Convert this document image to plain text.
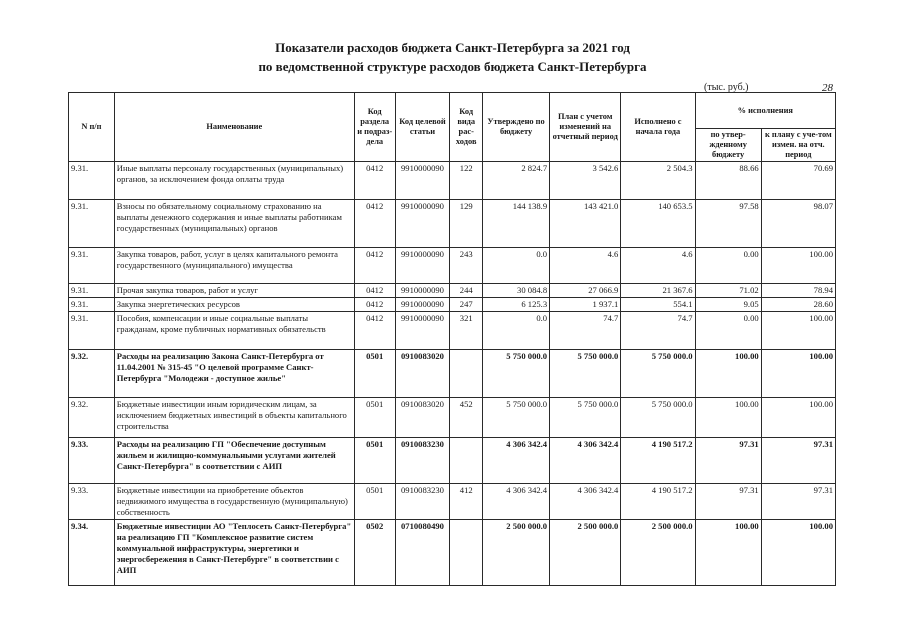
Показатели расходов бюджета Санкт-Петербурга за 2021 год
по ведомственной структуре расходов бюджета Санкт-Петербурга
(тыс. руб.)	28
N п/п	Наименование	Код раздела и подраз-дела	Код целевой статьи	Код вида рас-ходов	Утверждено по бюджету	План с учетом изменений на отчетный период	Исполнено с начала года	% исполнения	
								по утвер-жденному бюджету	к плану с уче-том измен. на отч. период
9.31.	Иные выплаты персоналу государственных (муниципальных) органов, за исключением фонда оплаты труда	0412	9910000090	122	2 824.7	3 542.6	2 504.3	88.66	70.69
9.31.	Взносы по обязательному социальному страхованию на выплаты денежного содержания и иные выплаты работникам государственных (муниципальных) органов	0412	9910000090	129	144 138.9	143 421.0	140 653.5	97.58	98.07
9.31.	Закупка товаров, работ, услуг в целях капитального ремонта государственного (муниципального) имущества	0412	9910000090	243	0.0	4.6	4.6	0.00	100.00
9.31.	Прочая закупка товаров, работ и услуг	0412	9910000090	244	30 084.8	27 066.9	21 367.6	71.02	78.94
9.31.	Закупка энергетических ресурсов	0412	9910000090	247	6 125.3	1 937.1	554.1	9.05	28.60
9.31.	Пособия, компенсации и иные социальные выплаты гражданам, кроме публичных нормативных обязательств	0412	9910000090	321	0.0	74.7	74.7	0.00	100.00
9.32.	Расходы на реализацию Закона Санкт-Петербурга от 11.04.2001 № 315-45 "О целевой программе Санкт-Петербурга "Молодежи - доступное жилье"	0501	0910083020		5 750 000.0	5 750 000.0	5 750 000.0	100.00	100.00
9.32.	Бюджетные инвестиции иным юридическим лицам, за исключением бюджетных инвестиций в объекты капитального строительства	0501	0910083020	452	5 750 000.0	5 750 000.0	5 750 000.0	100.00	100.00
9.33.	Расходы на реализацию ГП "Обеспечение доступным жильем и жилищно-коммунальными услугами жителей Санкт-Петербурга" в соответствии с АИП	0501	0910083230		4 306 342.4	4 306 342.4	4 190 517.2	97.31	97.31
9.33.	Бюджетные инвестиции на приобретение объектов недвижимого имущества в государственную (муниципальную) собственность	0501	0910083230	412	4 306 342.4	4 306 342.4	4 190 517.2	97.31	97.31
9.34.	Бюджетные инвестиции АО "Теплосеть Санкт-Петербурга" на реализацию ГП "Комплексное развитие систем коммунальной инфраструктуры, энергетики и энергосбережения в Санкт-Петербурге" в соответствии с АИП	0502	0710080490		2 500 000.0	2 500 000.0	2 500 000.0	100.00	100.00
